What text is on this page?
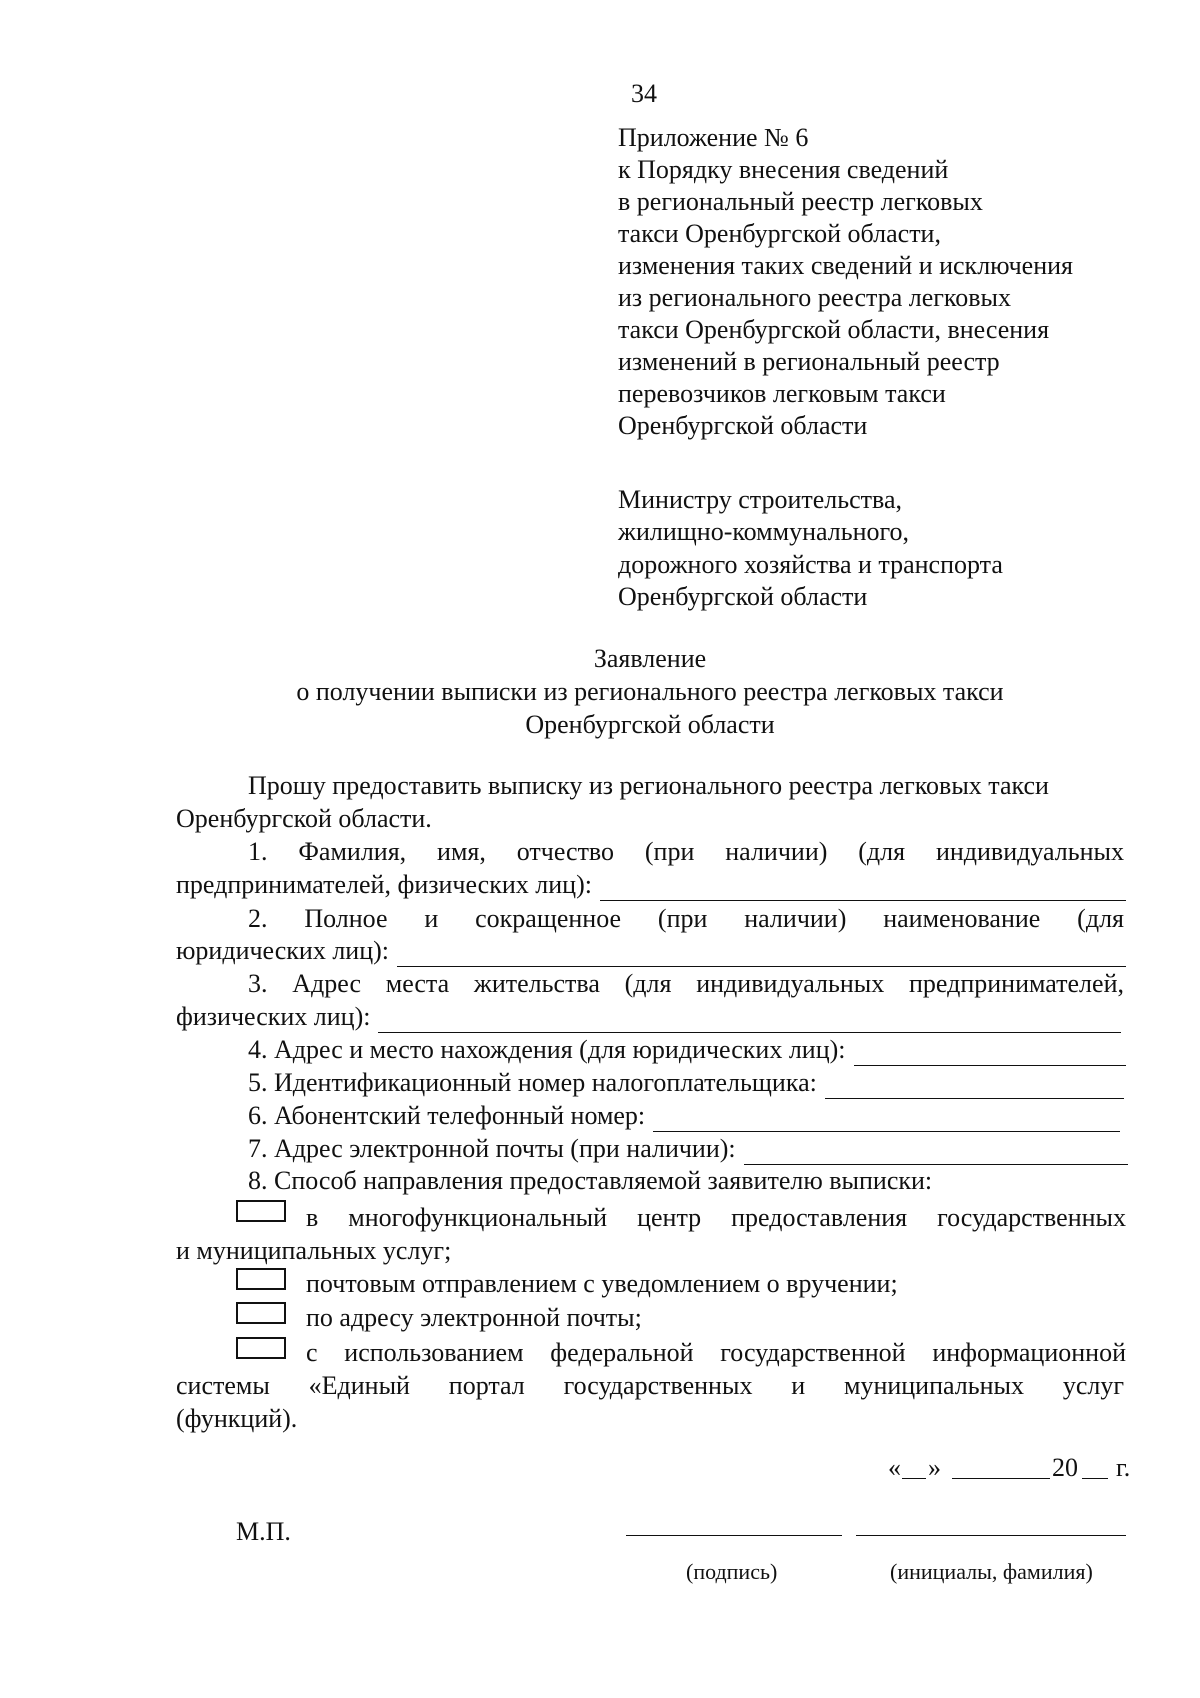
34
Приложение № 6
к Порядку внесения сведений
в региональный реестр легковых
такси Оренбургской области,
изменения таких сведений и исключения
из регионального реестра легковых
такси Оренбургской области, внесения
изменений в региональный реестр
перевозчиков легковым такси
Оренбургской области
Министру строительства,
жилищно-коммунального,
дорожного хозяйства и транспорта
Оренбургской области
Заявление
о получении выписки из регионального реестра легковых такси
Оренбургской области
Прошу предоставить выписку из регионального реестра легковых такси
Оренбургской области.
1. Фамилия, имя, отчество (при наличии) (для индивидуальных
предпринимателей, физических лиц):
2. Полное и сокращенное (при наличии) наименование (для
юридических лиц):
3. Адрес места жительства (для индивидуальных предпринимателей,
физических лиц):
4. Адрес и место нахождения (для юридических лиц):
5. Идентификационный номер налогоплательщика:
6. Абонентский телефонный номер:
7. Адрес электронной почты (при наличии):
8. Способ направления предоставляемой заявителю выписки:
в многофункциональный центр предоставления государственных
и муниципальных услуг;
почтовым отправлением с уведомлением о вручении;
по адресу электронной почты;
с использованием федеральной государственной информационной
системы «Единый портал государственных и муниципальных услуг
(функций).
« »	20 г.
М.П.
(подпись)	(инициалы, фамилия)
